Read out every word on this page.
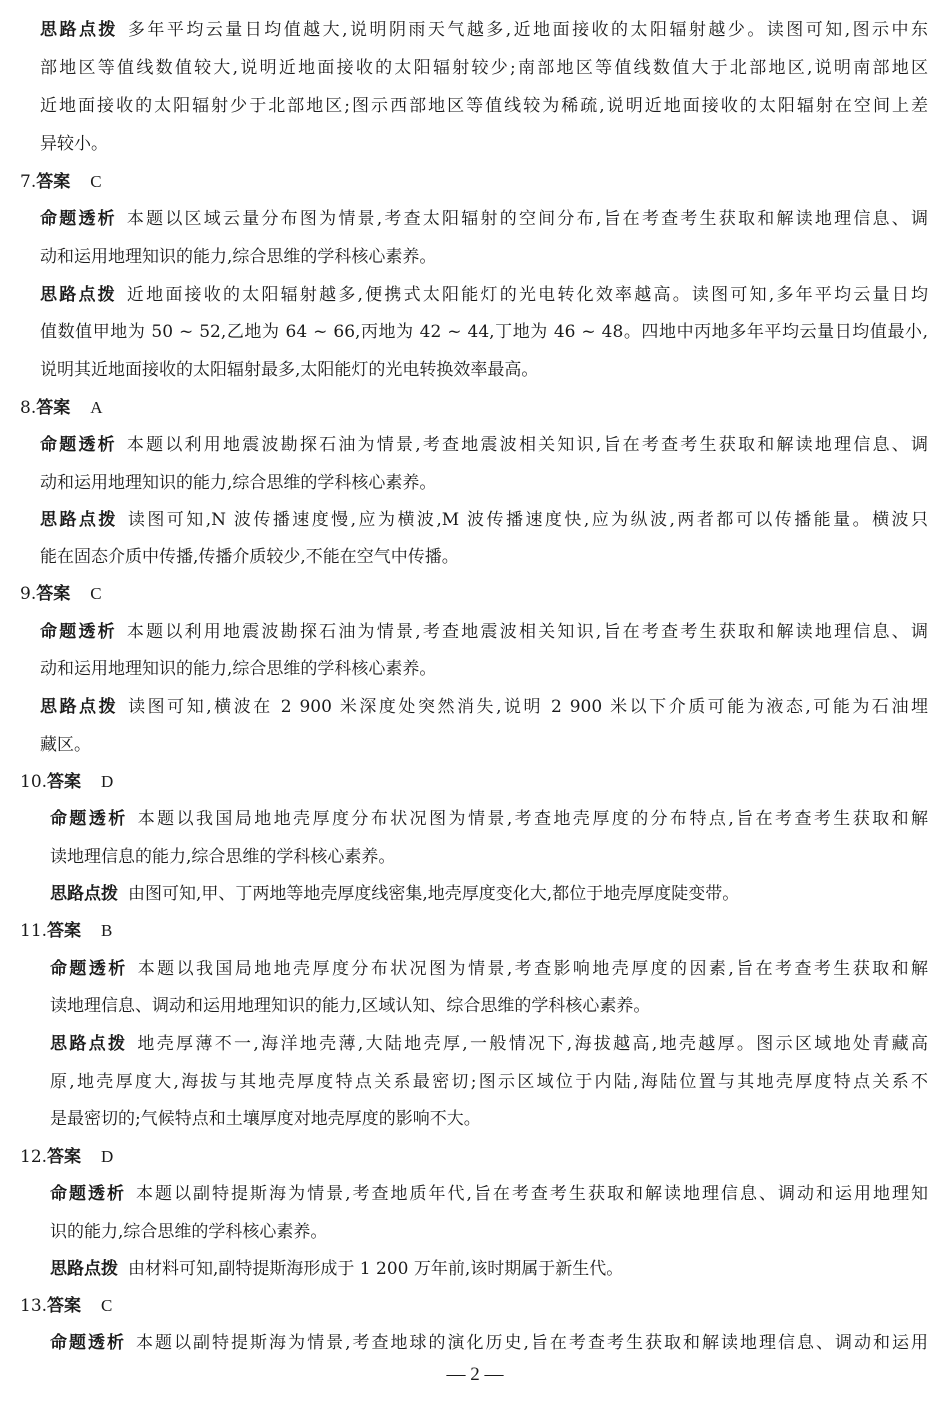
思路点拨 多年平均云量日均值越大,说明阴雨天气越多,近地面接收的太阳辐射越少。读图可知,图示中东
部地区等值线数值较大,说明近地面接收的太阳辐射较少;南部地区等值线数值大于北部地区,说明南部地区
近地面接收的太阳辐射少于北部地区;图示西部地区等值线较为稀疏,说明近地面接收的太阳辐射在空间上差
异较小。
7.答案 C
命题透析 本题以区域云量分布图为情景,考查太阳辐射的空间分布,旨在考查考生获取和解读地理信息、调
动和运用地理知识的能力,综合思维的学科核心素养。
思路点拨 近地面接收的太阳辐射越多,便携式太阳能灯的光电转化效率越高。读图可知,多年平均云量日均
值数值甲地为 50 ~ 52,乙地为 64 ~ 66,丙地为 42 ~ 44,丁地为 46 ~ 48。四地中丙地多年平均云量日均值最小,
说明其近地面接收的太阳辐射最多,太阳能灯的光电转换效率最高。
8.答案 A
命题透析 本题以利用地震波勘探石油为情景,考查地震波相关知识,旨在考查考生获取和解读地理信息、调
动和运用地理知识的能力,综合思维的学科核心素养。
思路点拨 读图可知,N 波传播速度慢,应为横波,M 波传播速度快,应为纵波,两者都可以传播能量。横波只
能在固态介质中传播,传播介质较少,不能在空气中传播。
9.答案 C
命题透析 本题以利用地震波勘探石油为情景,考查地震波相关知识,旨在考查考生获取和解读地理信息、调
动和运用地理知识的能力,综合思维的学科核心素养。
思路点拨 读图可知,横波在 2 900 米深度处突然消失,说明 2 900 米以下介质可能为液态,可能为石油埋
藏区。
10.答案 D
命题透析 本题以我国局地地壳厚度分布状况图为情景,考查地壳厚度的分布特点,旨在考查考生获取和解
读地理信息的能力,综合思维的学科核心素养。
思路点拨 由图可知,甲、丁两地等地壳厚度线密集,地壳厚度变化大,都位于地壳厚度陡变带。
11.答案 B
命题透析 本题以我国局地地壳厚度分布状况图为情景,考查影响地壳厚度的因素,旨在考查考生获取和解
读地理信息、调动和运用地理知识的能力,区域认知、综合思维的学科核心素养。
思路点拨 地壳厚薄不一,海洋地壳薄,大陆地壳厚,一般情况下,海拔越高,地壳越厚。图示区域地处青藏高
原,地壳厚度大,海拔与其地壳厚度特点关系最密切;图示区域位于内陆,海陆位置与其地壳厚度特点关系不
是最密切的;气候特点和土壤厚度对地壳厚度的影响不大。
12.答案 D
命题透析 本题以副特提斯海为情景,考查地质年代,旨在考查考生获取和解读地理信息、调动和运用地理知
识的能力,综合思维的学科核心素养。
思路点拨 由材料可知,副特提斯海形成于 1 200 万年前,该时期属于新生代。
13.答案 C
命题透析 本题以副特提斯海为情景,考查地球的演化历史,旨在考查考生获取和解读地理信息、调动和运用
— 2 —
